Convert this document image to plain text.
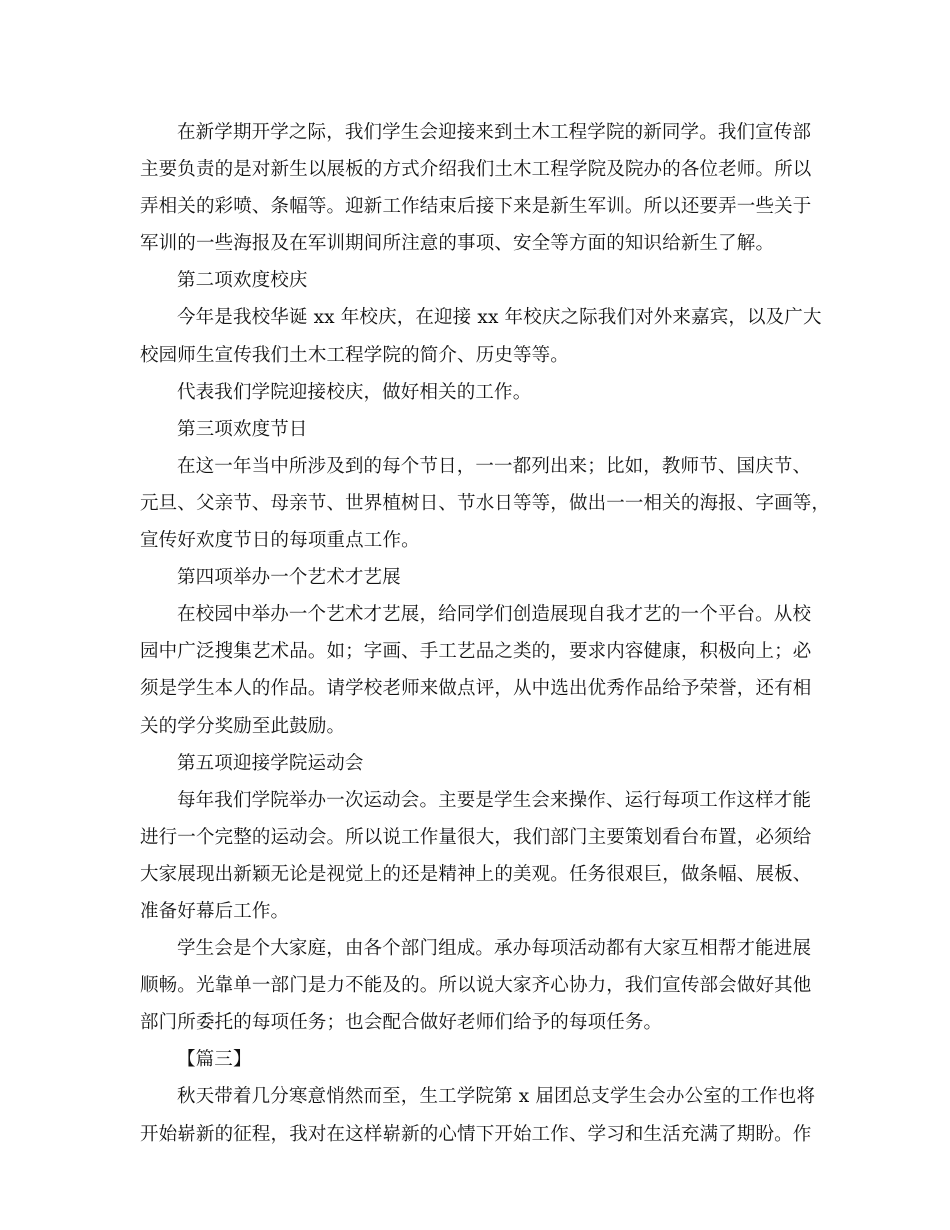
在新学期开学之际，我们学生会迎接来到土木工程学院的新同学。我们宣传部
主要负责的是对新生以展板的方式介绍我们土木工程学院及院办的各位老师。所以
弄相关的彩喷、条幅等。迎新工作结束后接下来是新生军训。所以还要弄一些关于
军训的一些海报及在军训期间所注意的事项、安全等方面的知识给新生了解。
第二项欢度校庆
今年是我校华诞 xx 年校庆，在迎接 xx 年校庆之际我们对外来嘉宾，以及广大
校园师生宣传我们土木工程学院的简介、历史等等。
代表我们学院迎接校庆，做好相关的工作。
第三项欢度节日
在这一年当中所涉及到的每个节日，一一都列出来；比如，教师节、国庆节、
元旦、父亲节、母亲节、世界植树日、节水日等等，做出一一相关的海报、字画等，
宣传好欢度节日的每项重点工作。
第四项举办一个艺术才艺展
在校园中举办一个艺术才艺展，给同学们创造展现自我才艺的一个平台。从校
园中广泛搜集艺术品。如；字画、手工艺品之类的，要求内容健康，积极向上；必
须是学生本人的作品。请学校老师来做点评，从中选出优秀作品给予荣誉，还有相
关的学分奖励至此鼓励。
第五项迎接学院运动会
每年我们学院举办一次运动会。主要是学生会来操作、运行每项工作这样才能
进行一个完整的运动会。所以说工作量很大，我们部门主要策划看台布置，必须给
大家展现出新颖无论是视觉上的还是精神上的美观。任务很艰巨，做条幅、展板、
准备好幕后工作。
学生会是个大家庭，由各个部门组成。承办每项活动都有大家互相帮才能进展
顺畅。光靠单一部门是力不能及的。所以说大家齐心协力，我们宣传部会做好其他
部门所委托的每项任务；也会配合做好老师们给予的每项任务。
【篇三】
秋天带着几分寒意悄然而至，生工学院第 x 届团总支学生会办公室的工作也将
开始崭新的征程，我对在这样崭新的心情下开始工作、学习和生活充满了期盼。作
